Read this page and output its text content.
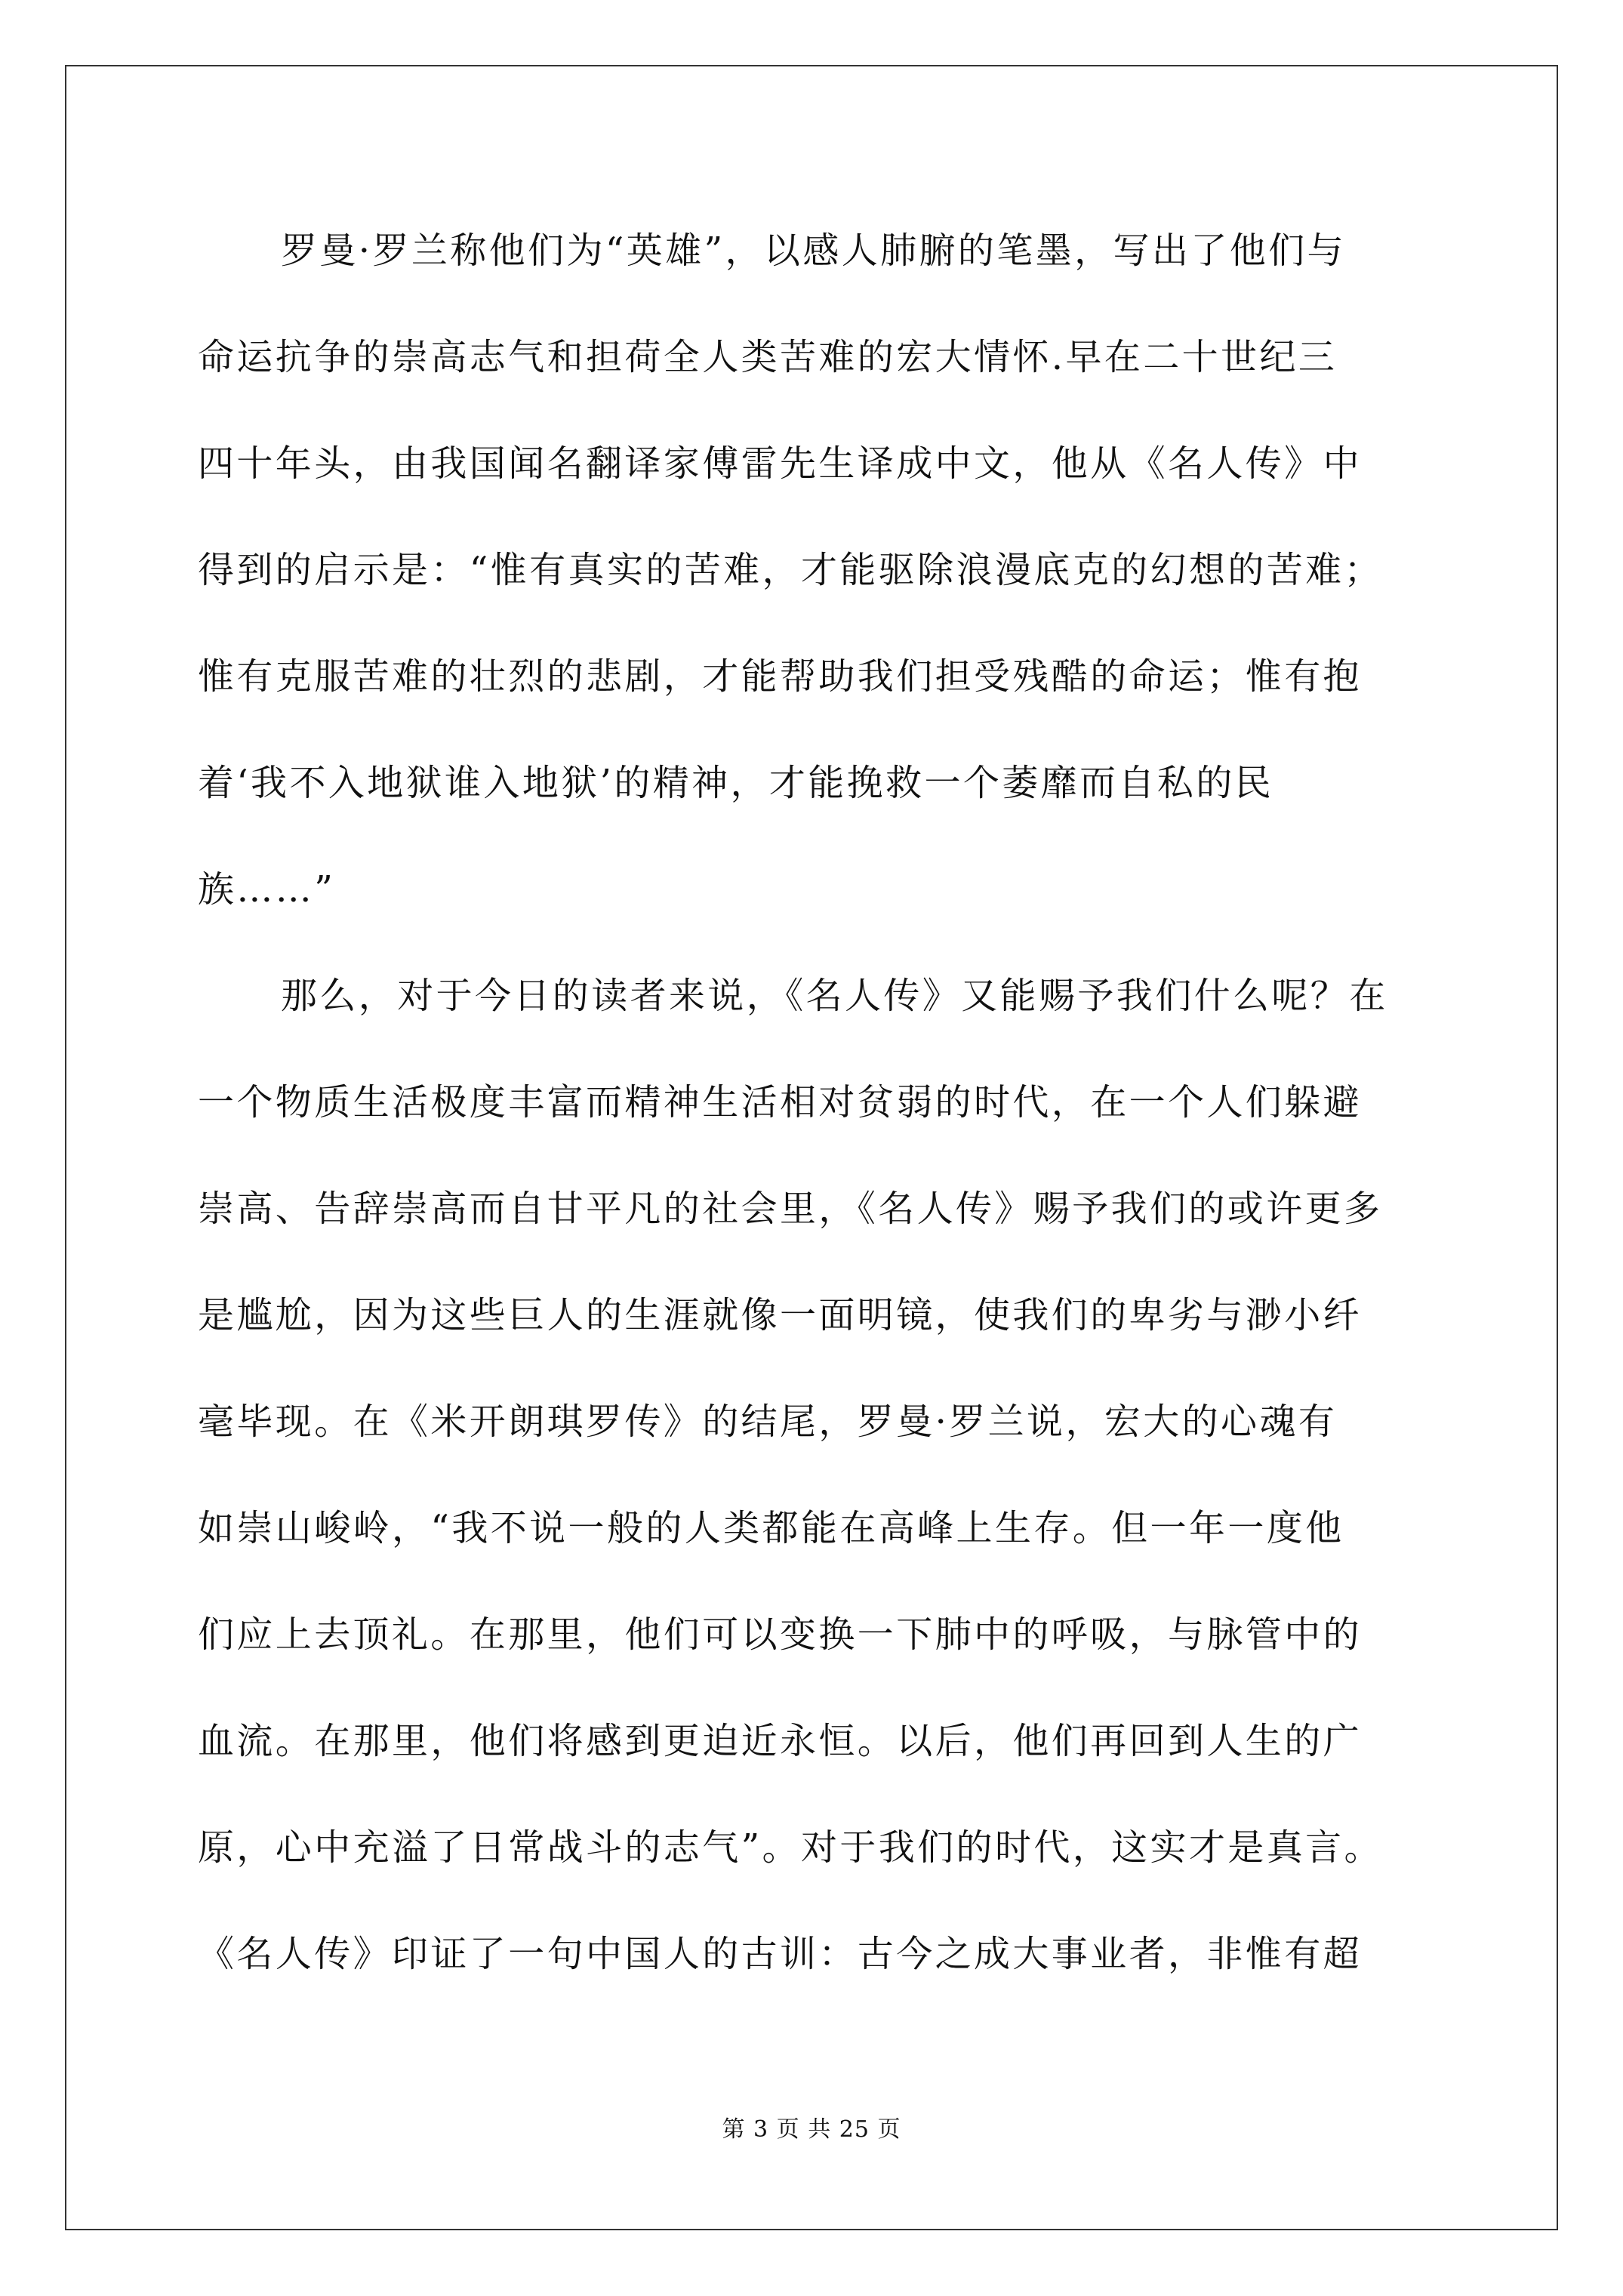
罗曼·罗兰称他们为“英雄”，以感人肺腑的笔墨，写出了他们与
命运抗争的崇高志气和担荷全人类苦难的宏大情怀.早在二十世纪三
四十年头，由我国闻名翻译家傅雷先生译成中文，他从《名人传》中
得到的启示是：“惟有真实的苦难，才能驱除浪漫底克的幻想的苦难；
惟有克服苦难的壮烈的悲剧，才能帮助我们担受残酷的命运；惟有抱
着‘我不入地狱谁入地狱’的精神，才能挽救一个萎靡而自私的民
族……”
那么，对于今日的读者来说，《名人传》又能赐予我们什么呢？在
一个物质生活极度丰富而精神生活相对贫弱的时代，在一个人们躲避
崇高、告辞崇高而自甘平凡的社会里，《名人传》赐予我们的或许更多
是尴尬，因为这些巨人的生涯就像一面明镜，使我们的卑劣与渺小纤
毫毕现。在《米开朗琪罗传》的结尾，罗曼·罗兰说，宏大的心魂有
如崇山峻岭，“我不说一般的人类都能在高峰上生存。但一年一度他
们应上去顶礼。在那里，他们可以变换一下肺中的呼吸，与脉管中的
血流。在那里，他们将感到更迫近永恒。以后，他们再回到人生的广
原，心中充溢了日常战斗的志气”。对于我们的时代，这实才是真言。
《名人传》印证了一句中国人的古训：古今之成大事业者，非惟有超
第 3 页 共 25 页
